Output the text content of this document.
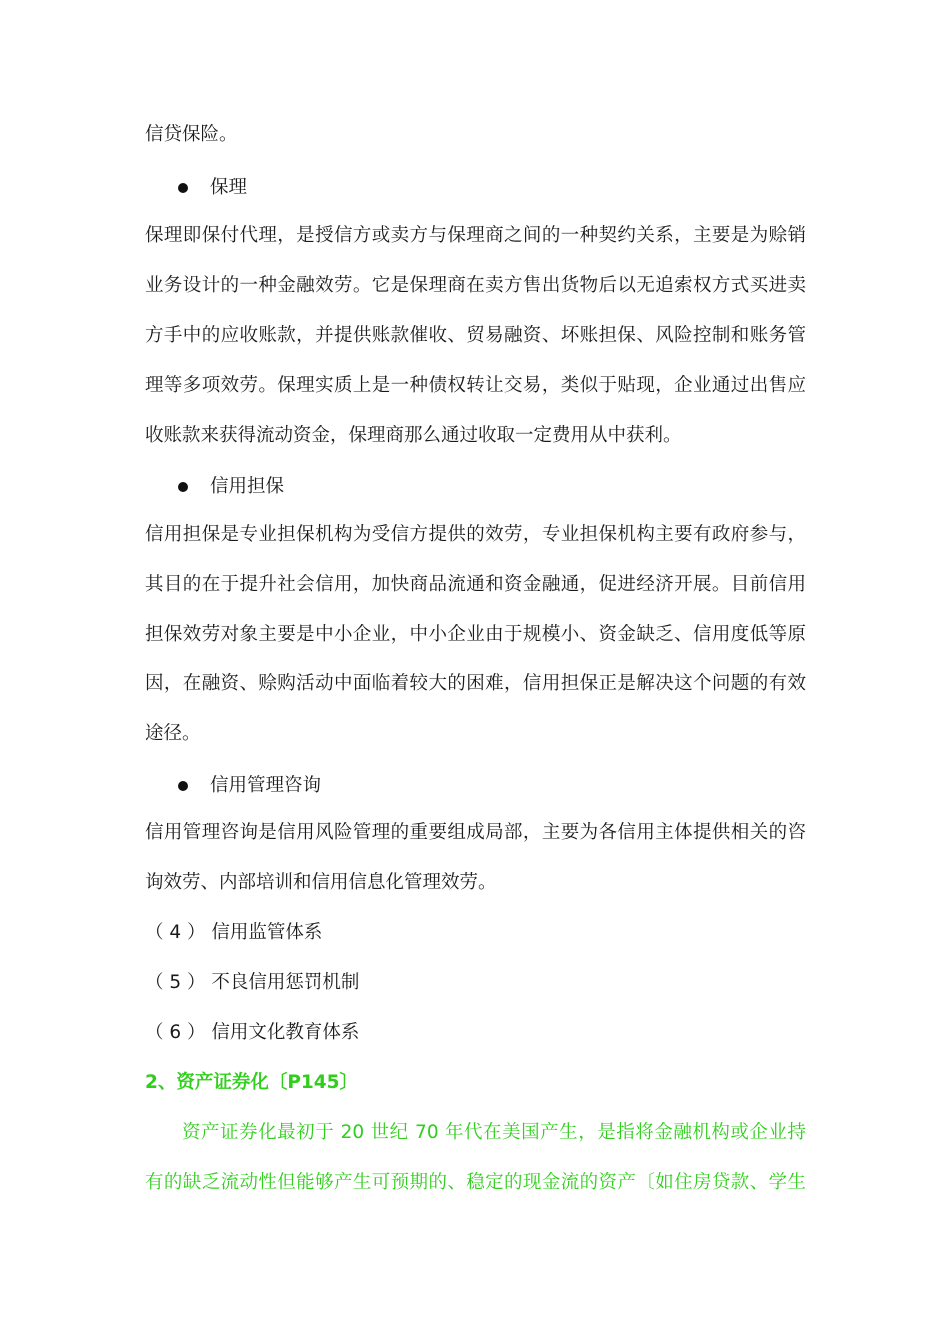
信贷保险。
保理
保理即保付代理，是授信方或卖方与保理商之间的一种契约关系，主要是为赊销
业务设计的一种金融效劳。它是保理商在卖方售出货物后以无追索权方式买进卖
方手中的应收账款，并提供账款催收、贸易融资、坏账担保、风险控制和账务管
理等多项效劳。保理实质上是一种债权转让交易，类似于贴现，企业通过出售应
收账款来获得流动资金，保理商那么通过收取一定费用从中获利。
信用担保
信用担保是专业担保机构为受信方提供的效劳，专业担保机构主要有政府参与，
其目的在于提升社会信用，加快商品流通和资金融通，促进经济开展。目前信用
担保效劳对象主要是中小企业，中小企业由于规模小、资金缺乏、信用度低等原
因，在融资、赊购活动中面临着较大的困难，信用担保正是解决这个问题的有效
途径。
信用管理咨询
信用管理咨询是信用风险管理的重要组成局部，主要为各信用主体提供相关的咨
询效劳、内部培训和信用信息化管理效劳。
（ 4 ） 信用监管体系
（ 5 ） 不良信用惩罚机制
（ 6 ） 信用文化教育体系
2、资产证券化〔P145〕
资产证券化最初于 20 世纪 70 年代在美国产生，是指将金融机构或企业持
有的缺乏流动性但能够产生可预期的、稳定的现金流的资产〔如住房贷款、学生
